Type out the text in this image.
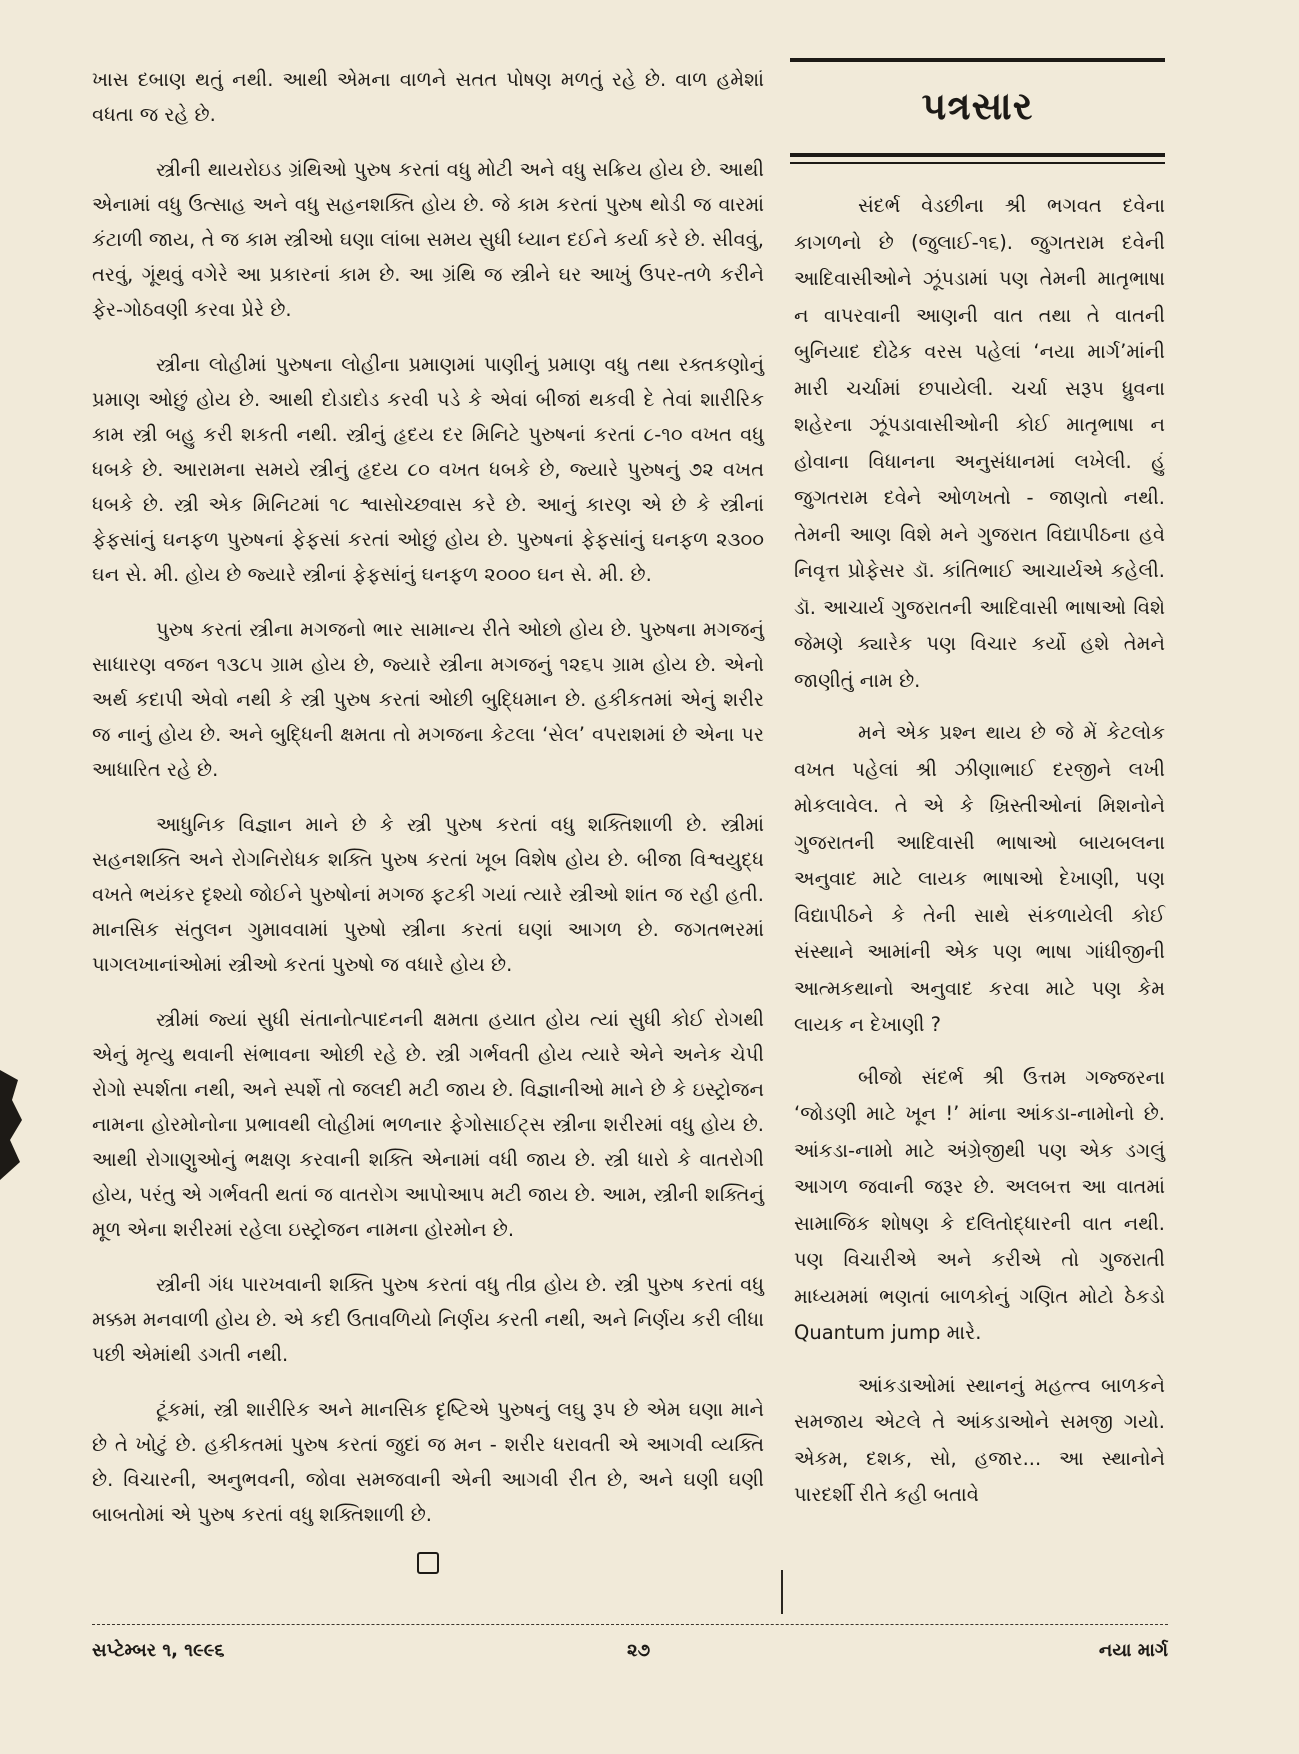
ખાસ દબાણ થતું નથી. આથી એમના વાળને સતત પોષણ મળતું રહે છે. વાળ હમેશાં વધતા જ રહે છે.

સ્ત્રીની થાયરોઇડ ગ્રંથિઓ પુરુષ કરતાં વધુ મોટી અને વધુ સક્રિય હોય છે. આથી એનામાં વધુ ઉત્સાહ અને વધુ સહનશક્તિ હોય છે. જે કામ કરતાં પુરુષ થોડી જ વારમાં કંટાળી જાય, તે જ કામ સ્ત્રીઓ ઘણા લાંબા સમય સુધી ધ્યાન દઈને કર્યા કરે છે. સીવવું, તરવું, ગૂંથવું વગેરે આ પ્રકારનાં કામ છે. આ ગ્રંથિ જ સ્ત્રીને ઘર આખું ઉપર-તળે કરીને ફેર-ગોઠવણી કરવા પ્રેરે છે.

સ્ત્રીના લોહીમાં પુરુષના લોહીના પ્રમાણમાં પાણીનું પ્રમાણ વધુ તથા રક્તકણોનું પ્રમાણ ઓછું હોય છે. આથી દોડાદોડ કરવી પડે કે એવાં બીજાં થકવી દે તેવાં શારીરિક કામ સ્ત્રી બહુ કરી શકતી નથી. સ્ત્રીનું હૃદય દર મિનિટે પુરુષનાં કરતાં ૮-૧૦ વખત વધુ ધબકે છે. આરામના સમયે સ્ત્રીનું હૃદય ૮૦ વખત ધબકે છે, જ્યારે પુરુષનું ૭૨ વખત ધબકે છે. સ્ત્રી એક મિનિટમાં ૧૮ શ્વાસોચ્છવાસ કરે છે. આનું કારણ એ છે કે સ્ત્રીનાં ફેફસાંનું ઘનફળ પુરુષનાં ફેફસાં કરતાં ઓછું હોય છે. પુરુષનાં ફેફસાંનું ઘનફળ ૨૩૦૦ ઘન સે. મી. હોય છે જ્યારે સ્ત્રીનાં ફેફસાંનું ઘનફળ ૨૦૦૦ ઘન સે. મી. છે.

પુરુષ કરતાં સ્ત્રીના મગજનો ભાર સામાન્ય રીતે ઓછો હોય છે. પુરુષના મગજનું સાધારણ વજન ૧૩૮૫ ગ્રામ હોય છે, જ્યારે સ્ત્રીના મગજનું ૧૨૬૫ ગ્રામ હોય છે. એનો અર્થ કદાપી એવો નથી કે સ્ત્રી પુરુષ કરતાં ઓછી બુદ્ધિમાન છે. હકીકતમાં એનું શરીર જ નાનું હોય છે. અને બુદ્ધિની ક્ષમતા તો મગજના કેટલા ‘સેલ’ વપરાશમાં છે એના પર આધારિત રહે છે.

આધુનિક વિજ્ઞાન માને છે કે સ્ત્રી પુરુષ કરતાં વધુ શક્તિશાળી છે. સ્ત્રીમાં સહનશક્તિ અને રોગનિરોધક શક્તિ પુરુષ કરતાં ખૂબ વિશેષ હોય છે. બીજા વિશ્વયુદ્ધ વખતે ભયંકર દૃશ્યો જોઈને પુરુષોનાં મગજ ફટકી ગયાં ત્યારે સ્ત્રીઓ શાંત જ રહી હતી. માનસિક સંતુલન ગુમાવવામાં પુરુષો સ્ત્રીના કરતાં ઘણાં આગળ છે. જગતભરમાં પાગલખાનાંઓમાં સ્ત્રીઓ કરતાં પુરુષો જ વધારે હોય છે.

સ્ત્રીમાં જ્યાં સુધી સંતાનોત્પાદનની ક્ષમતા હયાત હોય ત્યાં સુધી કોઈ રોગથી એનું મૃત્યુ થવાની સંભાવના ઓછી રહે છે. સ્ત્રી ગર્ભવતી હોય ત્યારે એને અનેક ચેપી રોગો સ્પર્શતા નથી, અને સ્પર્શે તો જલદી મટી જાય છે. વિજ્ઞાનીઓ માને છે કે ઇસ્ટ્રોજન નામના હોરમોનોના પ્રભાવથી લોહીમાં ભળનાર ફેગોસાઈટ્સ સ્ત્રીના શરીરમાં વધુ હોય છે. આથી રોગાણુઓનું ભક્ષણ કરવાની શક્તિ એનામાં વધી જાય છે. સ્ત્રી ધારો કે વાતરોગી હોય, પરંતુ એ ગર્ભવતી થતાં જ વાતરોગ આપોઆપ મટી જાય છે. આમ, સ્ત્રીની શક્તિનું મૂળ એના શરીરમાં રહેલા ઇસ્ટ્રોજન નામના હોરમોન છે.

સ્ત્રીની ગંધ પારખવાની શક્તિ પુરુષ કરતાં વધુ તીવ્ર હોય છે. સ્ત્રી પુરુષ કરતાં વધુ મક્કમ મનવાળી હોય છે. એ કદી ઉતાવળિયો નિર્ણય કરતી નથી, અને નિર્ણય કરી લીધા પછી એમાંથી ડગતી નથી.

ટૂંકમાં, સ્ત્રી શારીરિક અને માનસિક દૃષ્ટિએ પુરુષનું લઘુ રૂપ છે એમ ઘણા માને છે તે ખોટું છે. હકીકતમાં પુરુષ કરતાં જુદાં જ મન - શરીર ધરાવતી એ આગવી વ્યક્તિ છે. વિચારની, અનુભવની, જોવા સમજવાની એની આગવી રીત છે, અને ઘણી ઘણી બાબતોમાં એ પુરુષ કરતાં વધુ શક્તિશાળી છે.

પત્રસાર

સંદર્ભ વેડછીના શ્રી ભગવત દવેના કાગળનો છે (જુલાઈ-૧૬). જુગતરામ દવેની આદિવાસીઓને ઝૂંપડામાં પણ તેમની માતૃભાષા ન વાપરવાની આણની વાત તથા તે વાતની બુનિયાદ દોઢેક વરસ પહેલાં ‘નયા માર્ગ’માંની મારી ચર્ચામાં છપાયેલી. ચર્ચા સરૂપ ધ્રુવના શહેરના ઝૂંપડાવાસીઓની કોઈ માતૃભાષા ન હોવાના વિધાનના અનુસંધાનમાં લખેલી. હું જુગતરામ દવેને ઓળખતો - જાણતો નથી. તેમની આણ વિશે મને ગુજરાત વિદ્યાપીઠના હવે નિવૃત્ત પ્રોફેસર ડૉ. કાંતિભાઈ આચાર્યએ કહેલી. ડૉ. આચાર્ય ગુજરાતની આદિવાસી ભાષાઓ વિશે જેમણે ક્યારેક પણ વિચાર કર્યો હશે તેમને જાણીતું નામ છે.

મને એક પ્રશ્ન થાય છે જે મેં કેટલોક વખત પહેલાં શ્રી ઝીણાભાઈ દરજીને લખી મોકલાવેલ. તે એ કે ખ્રિસ્તીઓનાં મિશનોને ગુજરાતની આદિવાસી ભાષાઓ બાયબલના અનુવાદ માટે લાયક ભાષાઓ દેખાણી, પણ વિદ્યાપીઠને કે તેની સાથે સંકળાયેલી કોઈ સંસ્થાને આમાંની એક પણ ભાષા ગાંધીજીની આત્મકથાનો અનુવાદ કરવા માટે પણ કેમ લાયક ન દેખાણી ?

બીજો સંદર્ભ શ્રી ઉત્તમ ગજ્જરના ‘જોડણી માટે ખૂન !’ માંના આંકડા-નામોનો છે. આંકડા-નામો માટે અંગ્રેજીથી પણ એક ડગલું આગળ જવાની જરૂર છે. અલબત્ત આ વાતમાં સામાજિક શોષણ કે દલિતોદ્ધારની વાત નથી. પણ વિચારીએ અને કરીએ તો ગુજરાતી માધ્યમમાં ભણતાં બાળકોનું ગણિત મોટો ઠેકડો Quantum jump મારે.

આંકડાઓમાં સ્થાનનું મહત્ત્વ બાળકને સમજાય એટલે તે આંકડાઓને સમજી ગયો. એકમ, દશક, સો, હજાર... આ સ્થાનોને પારદર્શી રીતે કહી બતાવે

સપ્ટેમ્બર ૧, ૧૯૯૬	૨૭	નયા માર્ગ
